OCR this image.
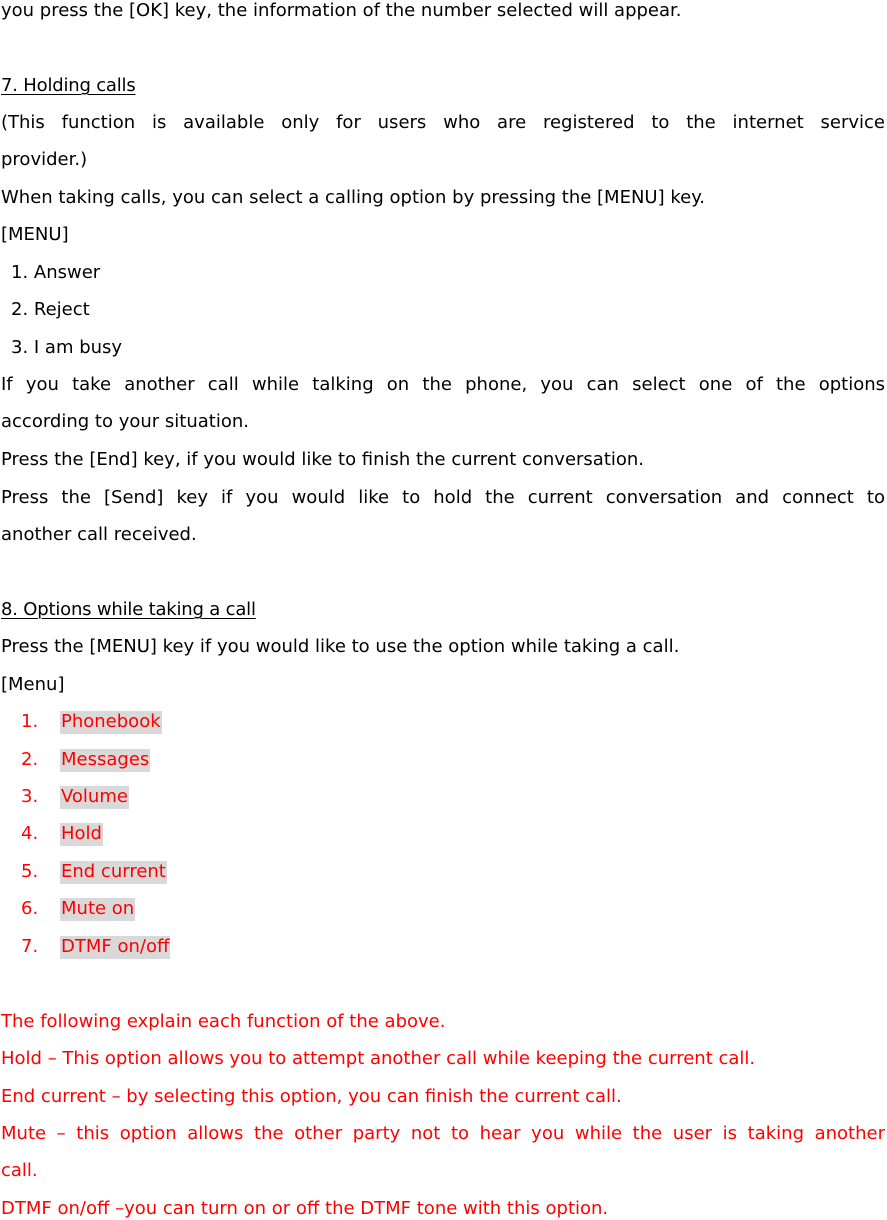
you press the [OK] key, the information of the number selected will appear.
7. Holding calls
(This function is available only for users who are registered to the internet service
provider.)
When taking calls, you can select a calling option by pressing the [MENU] key.
[MENU]
1. Answer
2. Reject
3. I am busy
If you take another call while talking on the phone, you can select one of the options
according to your situation.
Press the [End] key, if you would like to finish the current conversation.
Press the [Send] key if you would like to hold the current conversation and connect to
another call received.
8. Options while taking a call
Press the [MENU] key if you would like to use the option while taking a call.
[Menu]
1. Phonebook
2. Messages
3. Volume
4. Hold
5. End current
6. Mute on
7. DTMF on/off
The following explain each function of the above.
Hold – This option allows you to attempt another call while keeping the current call.
End current – by selecting this option, you can finish the current call.
Mute – this option allows the other party not to hear you while the user is taking another
call.
DTMF on/off –you can turn on or off the DTMF tone with this option.
